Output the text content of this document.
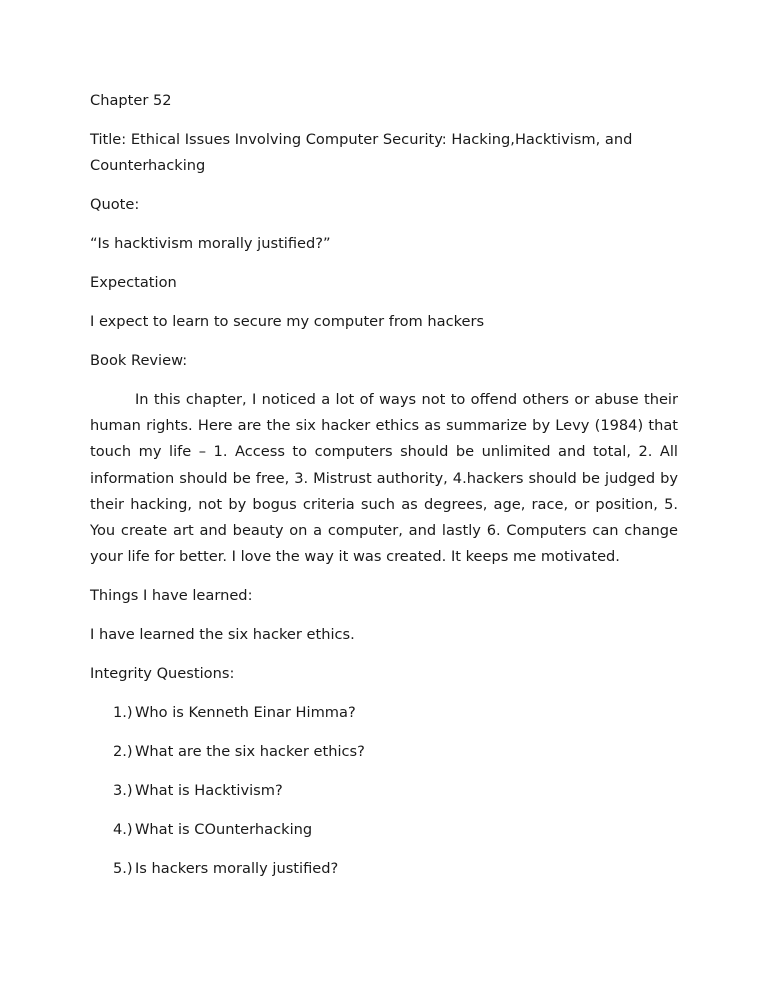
Chapter 52

Title: Ethical Issues Involving Computer Security: Hacking,Hacktivism, and Counterhacking

Quote:

“Is hacktivism morally justified?”

Expectation

I expect to learn to secure my computer from hackers

Book Review:

In this chapter, I noticed a lot of ways not to offend others or abuse their human rights. Here are the six hacker ethics as summarize by Levy (1984) that touch my life – 1. Access to computers should be unlimited and total, 2. All information should be free, 3. Mistrust authority, 4.hackers should be judged by their hacking, not by bogus criteria such as degrees, age, race, or position, 5. You create art and beauty on a computer, and lastly 6. Computers can change your life for better. I love the way it was created. It keeps me motivated.

Things I have learned:

I have learned the six hacker ethics.

Integrity Questions:

1.) Who is Kenneth Einar Himma?
2.) What are the six hacker ethics?
3.) What is Hacktivism?
4.) What is COunterhacking
5.) Is hackers morally justified?
